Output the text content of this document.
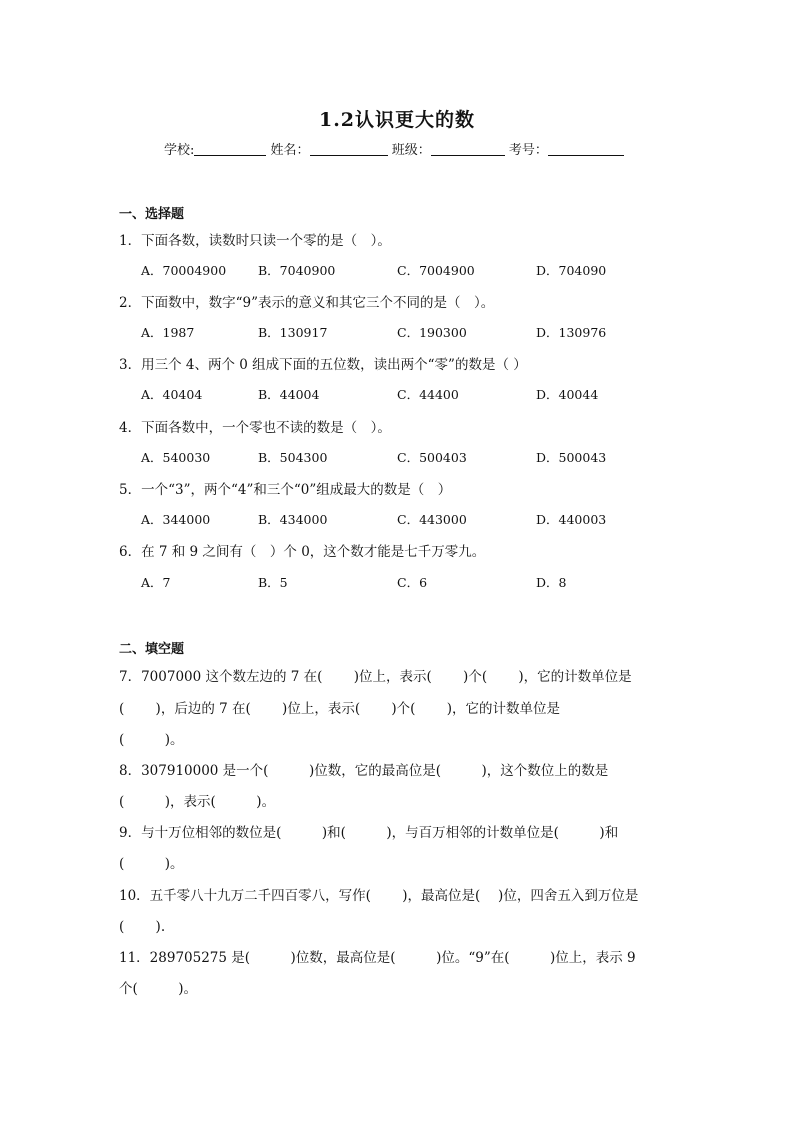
1.2认识更大的数
学校:	姓名：	班级：	考号：
一、选择题
1．下面各数，读数时只读一个零的是（　）。
A．70004900	B．7040900	C．7004900	D．704090
2．下面数中，数字“9”表示的意义和其它三个不同的是（　）。
A．1987	B．130917	C．190300	D．130976
3．用三个 4、两个 0 组成下面的五位数，读出两个“零”的数是（ ）
A．40404	B．44004	C．44400	D．40044
4．下面各数中，一个零也不读的数是（　）。
A．540030	B．504300	C．500403	D．500043
5．一个“3”，两个“4”和三个“0”组成最大的数是（　）
A．344000	B．434000	C．443000	D．440003
6．在 7 和 9 之间有（　）个 0，这个数才能是七千万零九。
A．7	B．5	C．6	D．8
二、填空题
7．7007000 这个数左边的 7 在(　　 )位上，表示(　　 )个(　　 )，它的计数单位是
(　　 )，后边的 7 在(　　 )位上，表示(　　 )个(　　 )，它的计数单位是
(　　　)。
8．307910000 是一个(　　　)位数，它的最高位是(　　　)，这个数位上的数是
(　　　)，表示(　　　)。
9．与十万位相邻的数位是(　　　)和(　　　)，与百万相邻的计数单位是(　　　)和
(　　　)。
10．五千零八十九万二千四百零八，写作(　　 )，最高位是(　 )位，四舍五入到万位是
(　　 ).
11．289705275 是(　　　)位数，最高位是(　　　)位。“9”在(　　　)位上，表示 9
个(　　　)。
